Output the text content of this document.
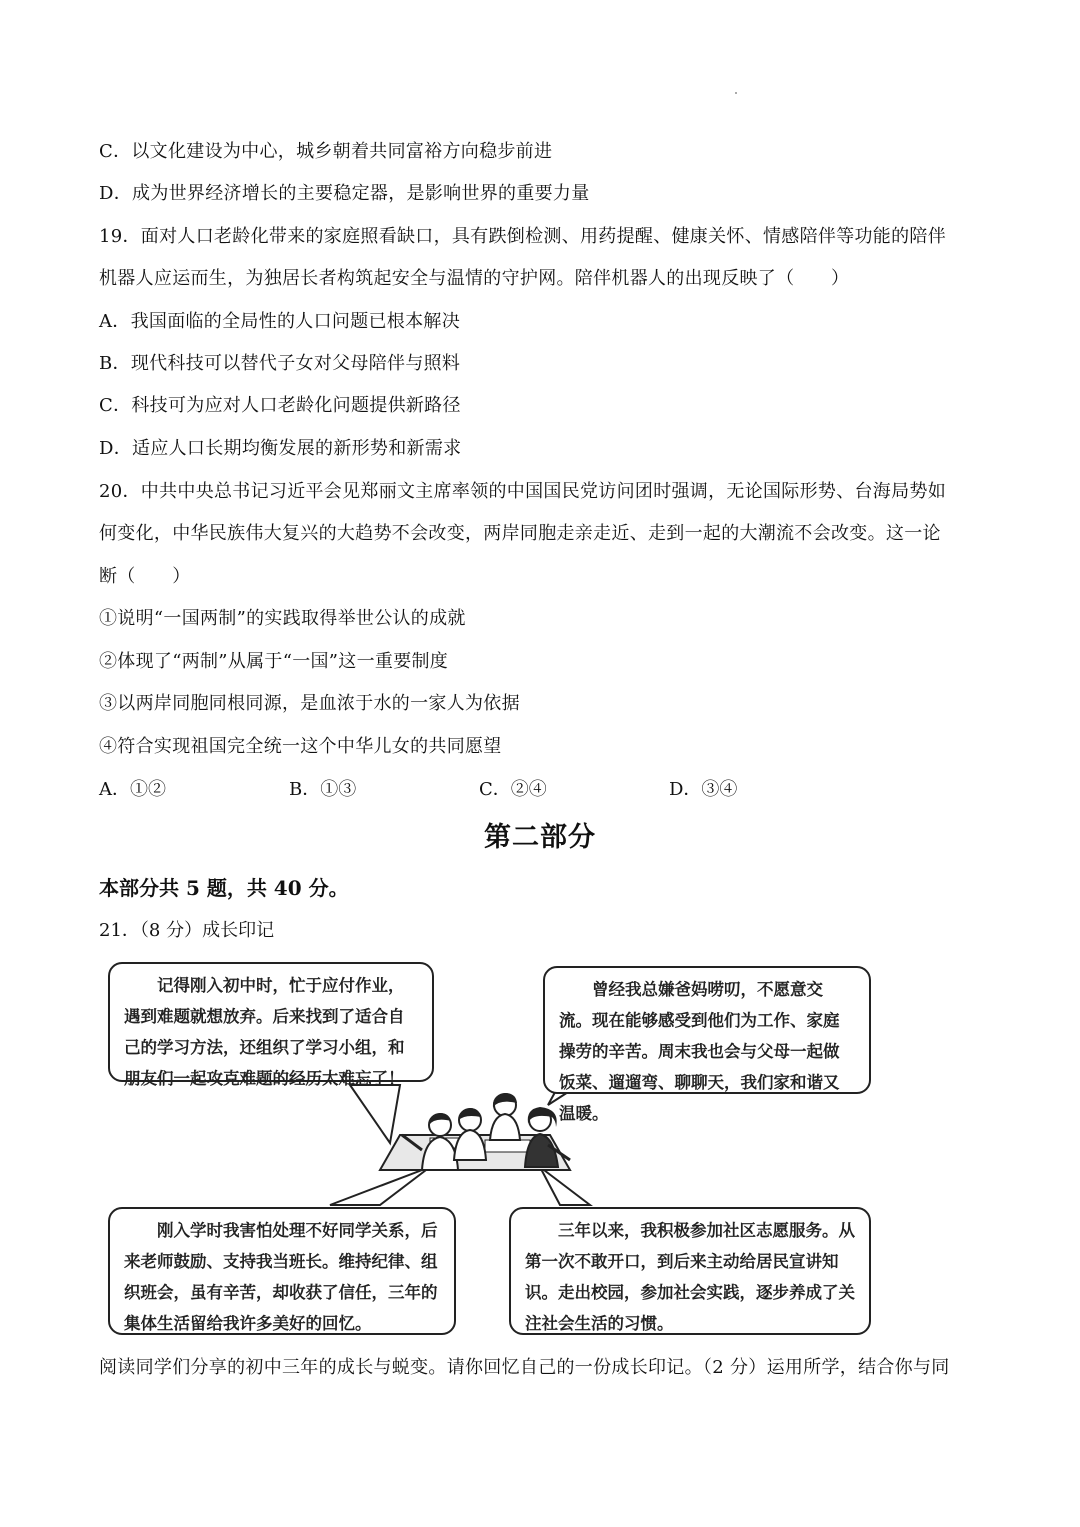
C．以文化建设为中心，城乡朝着共同富裕方向稳步前进
D．成为世界经济增长的主要稳定器，是影响世界的重要力量
19．面对人口老龄化带来的家庭照看缺口，具有跌倒检测、用药提醒、健康关怀、情感陪伴等功能的陪伴
机器人应运而生，为独居长者构筑起安全与温情的守护网。陪伴机器人的出现反映了（　　）
A．我国面临的全局性的人口问题已根本解决
B．现代科技可以替代子女对父母陪伴与照料
C．科技可为应对人口老龄化问题提供新路径
D．适应人口长期均衡发展的新形势和新需求
20．中共中央总书记习近平会见郑丽文主席率领的中国国民党访问团时强调，无论国际形势、台海局势如
何变化，中华民族伟大复兴的大趋势不会改变，两岸同胞走亲走近、走到一起的大潮流不会改变。这一论
断（　　）
①说明“一国两制”的实践取得举世公认的成就
②体现了“两制”从属于“一国”这一重要制度
③以两岸同胞同根同源，是血浓于水的一家人为依据
④符合实现祖国完全统一这个中华儿女的共同愿望
A．①②	B．①③	C．②④	D．③④
第二部分
本部分共 5 题，共 40 分。
21．（8 分）成长印记

记得刚入初中时，忙于应付作业，遇到难题就想放弃。后来找到了适合自己的学习方法，还组织了学习小组，和朋友们一起攻克难题的经历太难忘了！

曾经我总嫌爸妈唠叨，不愿意交流。现在能够感受到他们为工作、家庭操劳的辛苦。周末我也会与父母一起做饭菜、遛遛弯、聊聊天，我们家和谐又温暖。

刚入学时我害怕处理不好同学关系，后来老师鼓励、支持我当班长。维持纪律、组织班会，虽有辛苦，却收获了信任，三年的集体生活留给我许多美好的回忆。

三年以来，我积极参加社区志愿服务。从第一次不敢开口，到后来主动给居民宣讲知识。走出校园，参加社会实践，逐步养成了关注社会生活的习惯。

阅读同学们分享的初中三年的成长与蜕变。请你回忆自己的一份成长印记。（2 分）运用所学，结合你与同
